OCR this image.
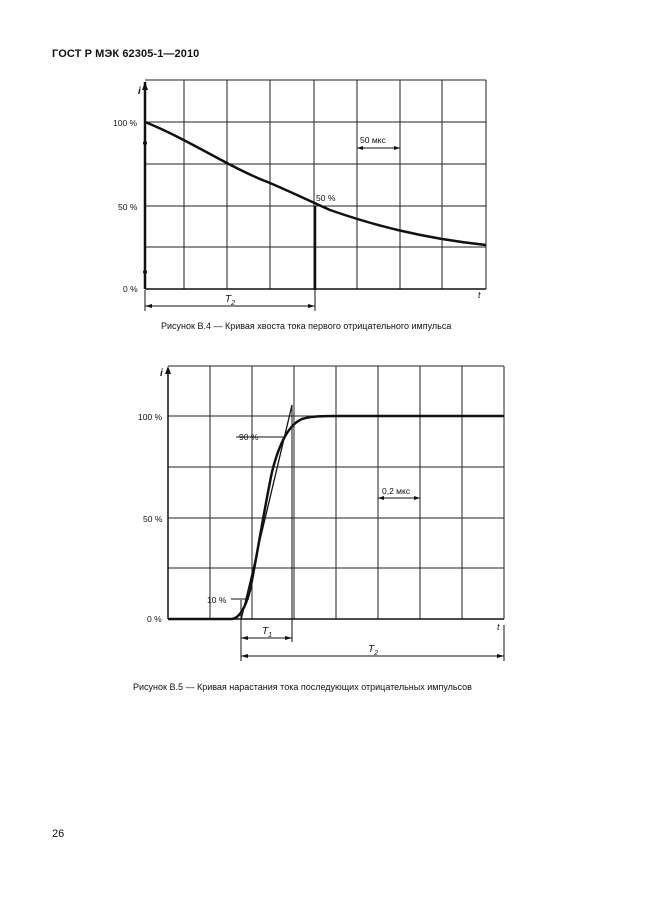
ГОСТ Р МЭК 62305-1—2010
i
100 %
50 %
0 %
50 мкс
50 %
t
$T_2$
Рисунок B.4 — Кривая хвоста тока первого отрицательного импульса
i
100 %
50 %
0 %
90 %
10 %
0,2 мкс
t
$T_1$
$T_2$
Рисунок B.5 — Кривая нарастания тока последующих отрицательных импульсов
26
